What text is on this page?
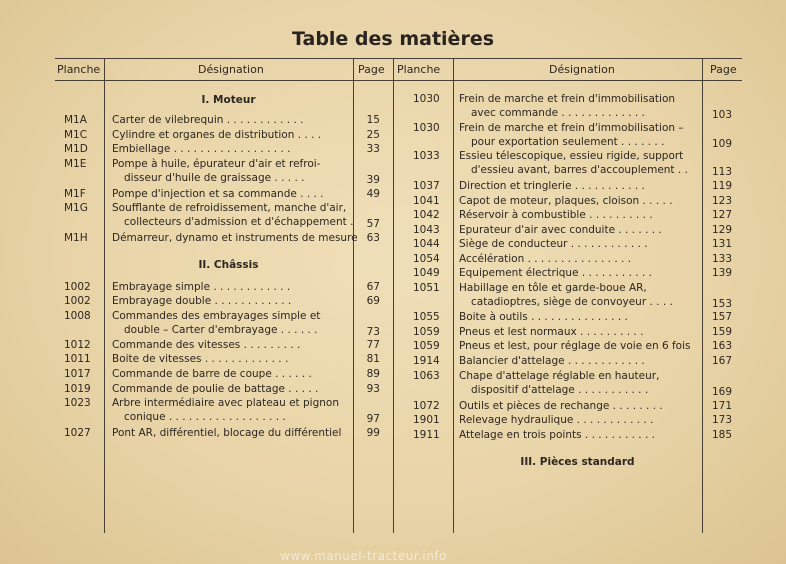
Table des matières
Planche	Désignation	Page Planche	Désignation	Page
I. Moteur
II. Châssis
III. Pièces standard
M1A	Carter de vilebrequin . . . . . . . . . . . .	15
M1C	Cylindre et organes de distribution . . . .	25
M1D	Embiellage . . . . . . . . . . . . . . . . . .	33
M1E	Pompe à huile, épurateur d'air et refroi-
disseur d'huile de graissage . . . . .	39
M1F	Pompe d'injection et sa commande . . . .	49
M1G	Soufflante de refroidissement, manche d'air,
collecteurs d'admission et d'échappement .	57
M1H	Démarreur, dynamo et instruments de mesure 63
1002	Embrayage simple . . . . . . . . . . . .	67
1002	Embrayage double . . . . . . . . . . . .	69
1008	Commandes des embrayages simple et
double – Carter d'embrayage . . . . . .	73
1012	Commande des vitesses . . . . . . . . .	77
1011	Boite de vitesses . . . . . . . . . . . . .	81
1017	Commande de barre de coupe . . . . . .	89
1019	Commande de poulie de battage . . . . .	93
1023	Arbre intermédiaire avec plateau et pignon
conique . . . . . . . . . . . . . . . . . .	97
1027	Pont AR, différentiel, blocage du différentiel	99
1030	Frein de marche et frein d'immobilisation
avec commande . . . . . . . . . . . . .	103
1030	Frein de marche et frein d'immobilisation –
pour exportation seulement . . . . . . .	109
1033	Essieu télescopique, essieu rigide, support
d'essieu avant, barres d'accouplement . . 113
1037	Direction et tringlerie . . . . . . . . . . .	119
1041	Capot de moteur, plaques, cloison . . . . .	123
1042	Réservoir à combustible . . . . . . . . . .	127
1043	Epurateur d'air avec conduite . . . . . . .	129
1044	Siège de conducteur . . . . . . . . . . . .	131
1054	Accélération . . . . . . . . . . . . . . . .	133
1049	Equipement électrique . . . . . . . . . . .	139
1051	Habillage en tôle et garde-boue AR,
catadioptres, siège de convoyeur . . . .	153
1055	Boite à outils . . . . . . . . . . . . . . .	157
1059	Pneus et lest normaux . . . . . . . . . .	159
1059	Pneus et lest, pour réglage de voie en 6 fois 163
1914	Balancier d'attelage . . . . . . . . . . . .	167
1063	Chape d'attelage réglable en hauteur,
dispositif d'attelage . . . . . . . . . . .	169
1072	Outils et pièces de rechange . . . . . . . .	171
1901	Relevage hydraulique . . . . . . . . . . . .	173
1911	Attelage en trois points . . . . . . . . . . .	185
www.manuel-tracteur.info
